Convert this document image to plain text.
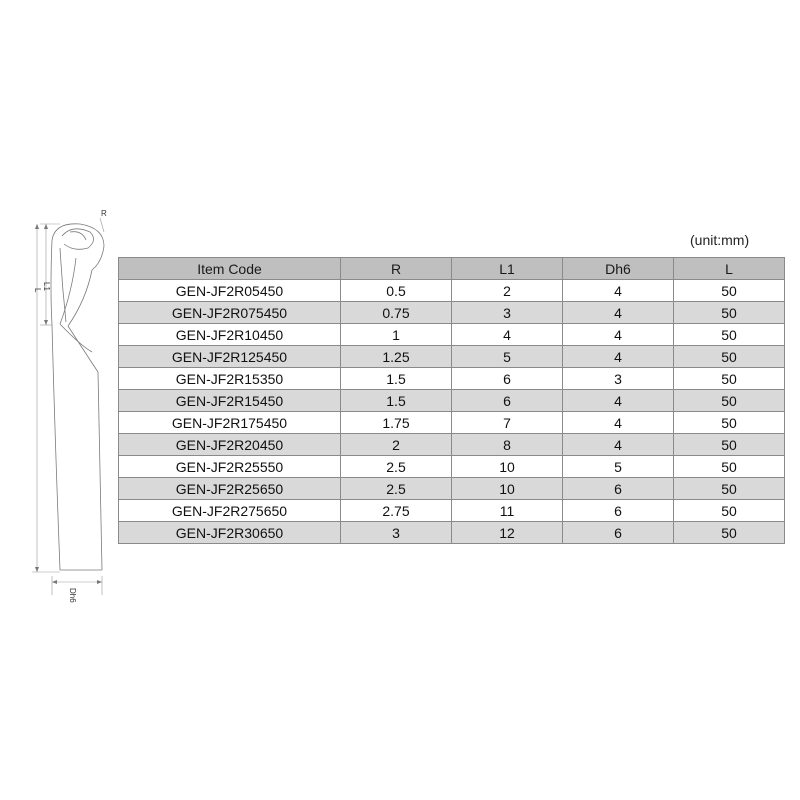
R
L1
L
Dh6
(unit:mm)
Item Code	R	L1	Dh6	L
GEN-JF2R05450	0.5	2	4	50
GEN-JF2R075450	0.75	3	4	50
GEN-JF2R10450	1	4	4	50
GEN-JF2R125450	1.25	5	4	50
GEN-JF2R15350	1.5	6	3	50
GEN-JF2R15450	1.5	6	4	50
GEN-JF2R175450	1.75	7	4	50
GEN-JF2R20450	2	8	4	50
GEN-JF2R25550	2.5	10	5	50
GEN-JF2R25650	2.5	10	6	50
GEN-JF2R275650	2.75	11	6	50
GEN-JF2R30650	3	12	6	50
